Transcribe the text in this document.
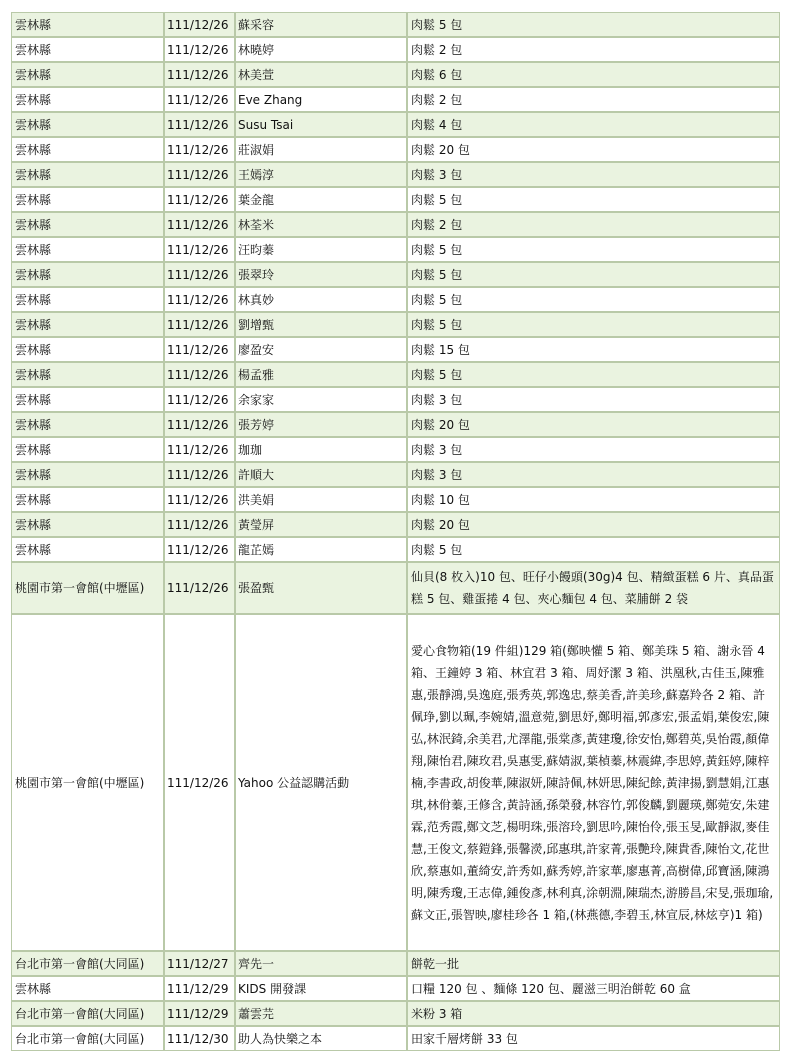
雲林縣	111/12/26	蘇采容	肉鬆 5 包
雲林縣	111/12/26	林曉婷	肉鬆 2 包
雲林縣	111/12/26	林美萱	肉鬆 6 包
雲林縣	111/12/26	Eve Zhang	肉鬆 2 包
雲林縣	111/12/26	Susu Tsai	肉鬆 4 包
雲林縣	111/12/26	莊淑娟	肉鬆 20 包
雲林縣	111/12/26	王嫣淳	肉鬆 3 包
雲林縣	111/12/26	葉金龍	肉鬆 5 包
雲林縣	111/12/26	林荃米	肉鬆 2 包
雲林縣	111/12/26	汪昀蓁	肉鬆 5 包
雲林縣	111/12/26	張翠玲	肉鬆 5 包
雲林縣	111/12/26	林真妙	肉鬆 5 包
雲林縣	111/12/26	劉增甄	肉鬆 5 包
雲林縣	111/12/26	廖盈安	肉鬆 15 包
雲林縣	111/12/26	楊孟雅	肉鬆 5 包
雲林縣	111/12/26	余家家	肉鬆 3 包
雲林縣	111/12/26	張芳婷	肉鬆 20 包
雲林縣	111/12/26	珈珈	肉鬆 3 包
雲林縣	111/12/26	許順大	肉鬆 3 包
雲林縣	111/12/26	洪美娟	肉鬆 10 包
雲林縣	111/12/26	黃瑩屏	肉鬆 20 包
雲林縣	111/12/26	龍芷嫣	肉鬆 5 包
桃園市第一會館(中壢區)	111/12/26	張盈甄	仙貝(8 枚入)10 包、旺仔小饅頭(30g)4 包、精緻蛋糕 6 片、真品蛋糕 5 包、雞蛋捲 4 包、夾心麵包 4 包、菜脯餅 2 袋
桃園市第一會館(中壢區)	111/12/26	Yahoo 公益認購活動	愛心食物箱(19 件組)129 箱(鄭映懽 5 箱、鄭美珠 5 箱、謝永晉 4 箱、王鐘婷 3 箱、林宜君 3 箱、周妤潔 3 箱、洪凰秋,古佳玉,陳雅惠,張靜鴻,吳逸庭,張秀英,郭逸忠,蔡美香,許美珍,蘇嘉羚各 2 箱、許佩琤,劉以珮,李婉婧,溫意菀,劉思妤,鄭明福,郭彥宏,張孟娟,葉俊宏,陳弘,林泯錡,余美君,尤澤龍,張棠彥,黃建瓊,徐安怡,鄭碧英,吳怡霞,顏偉翔,陳怡君,陳玫君,吳惠雯,蘇婧淑,葉楨蓁,林震緯,李思婷,黃鈺婷,陳梓楠,李書政,胡俊華,陳淑妍,陳詩佩,林妍思,陳紀餘,黃津揚,劉慧娟,江惠琪,林佾蓁,王修含,黃詩涵,孫榮發,林容竹,郭俊麟,劉麗瑛,鄭菀安,朱建霖,范秀霞,鄭文芝,楊明珠,張溶玲,劉思吟,陳怡伶,張玉旻,歐靜淑,麥佳慧,王俊文,蔡鎧鋒,張馨濙,邱惠琪,許家菁,張艷玲,陳貴香,陳怡文,花世欣,蔡惠如,董綺安,許秀如,蘇秀婷,許家華,廖惠菁,高樹偉,邱寶涵,陳鴻明,陳秀瓊,王志偉,鍾俊彥,林利真,涂朝淵,陳瑞杰,游勝昌,宋旻,張珈瑜,蘇文正,張智映,廖桂珍各 1 箱,(林燕德,李碧玉,林宣辰,林炫亨)1 箱)
台北市第一會館(大同區)	111/12/27	齊先一	餅乾一批
雲林縣	111/12/29	KIDS 開發課	口糧 120 包 、麵條 120 包、麗滋三明治餅乾 60 盒
台北市第一會館(大同區)	111/12/29	蕭雲芫	米粉 3 箱
台北市第一會館(大同區)	111/12/30	助人為快樂之本	田家千層烤餅 33 包
